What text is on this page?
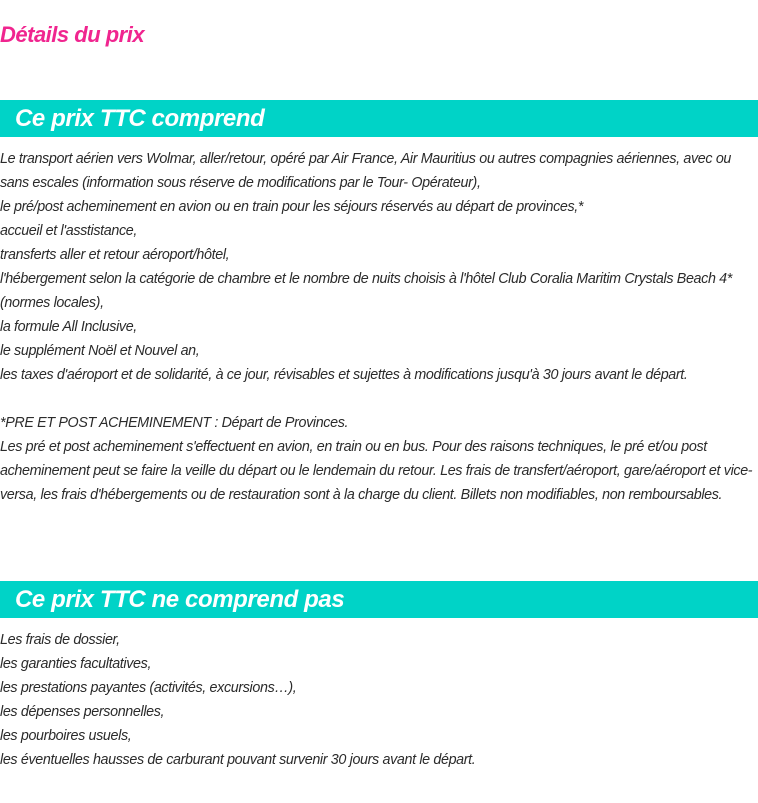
Détails du prix
Ce prix TTC comprend

Le transport aérien vers Wolmar, aller/retour, opéré par Air France, Air Mauritius ou autres compagnies aériennes, avec ou sans escales (information sous réserve de modifications par le Tour- Opérateur),

le pré/post acheminement en avion ou en train pour les séjours réservés au départ de provinces,*

accueil et l'asstistance,

transferts aller et retour aéroport/hôtel,

l'hébergement selon la catégorie de chambre et le nombre de nuits choisis à l'hôtel Club Coralia Maritim Crystals Beach 4* (normes locales),

la formule All Inclusive,

le supplément Noël et Nouvel an,

les taxes d'aéroport et de solidarité, à ce jour, révisables et sujettes à modifications jusqu'à 30 jours avant le départ.

*PRE ET POST ACHEMINEMENT : Départ de Provinces.

Les pré et post acheminement s'effectuent en avion, en train ou en bus. Pour des raisons techniques, le pré et/ou post acheminement peut se faire la veille du départ ou le lendemain du retour. Les frais de transfert/aéroport, gare/aéroport et vice-versa, les frais d'hébergements ou de restauration sont à la charge du client. Billets non modifiables, non remboursables.

Ce prix TTC ne comprend pas

Les frais de dossier,

les garanties facultatives,

les prestations payantes (activités, excursions…),

les dépenses personnelles,

les pourboires usuels,

les éventuelles hausses de carburant pouvant survenir 30 jours avant le départ.
